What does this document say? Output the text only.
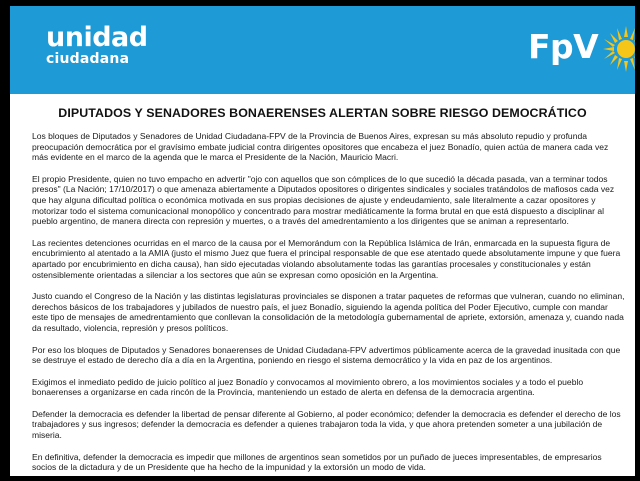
unidad
ciudadana	FpV
DIPUTADOS Y SENADORES BONAERENSES ALERTAN SOBRE RIESGO DEMOCRÁTICO

Los bloques de Diputados y Senadores de Unidad Ciudadana-FPV de la Provincia de Buenos Aires, expresan su más absoluto repudio y profunda preocupación democrática por el gravísimo embate judicial contra dirigentes opositores que encabeza el juez Bonadío, quien actúa de manera cada vez más evidente en el marco de la agenda que le marca el Presidente de la Nación, Mauricio Macri.

El propio Presidente, quien no tuvo empacho en advertir "ojo con aquellos que son cómplices de lo que sucedió la década pasada, van a terminar todos presos" (La Nación; 17/10/2017) o que amenaza abiertamente a Diputados opositores o dirigentes sindicales y sociales tratándolos de mafiosos cada vez que hay alguna dificultad política o económica motivada en sus propias decisiones de ajuste y endeudamiento, sale literalmente a cazar opositores y motorizar todo el sistema comunicacional monopólico y concentrado para mostrar mediáticamente la forma brutal en que está dispuesto a disciplinar al pueblo argentino, de manera directa con represión y muertes, o a través del amedrentamiento a los dirigentes que se animan a representarlo.

Las recientes detenciones ocurridas en el marco de la causa por el Memorándum con la República Islámica de Irán, enmarcada en la supuesta figura de encubrimiento al atentado a la AMIA (justo el mismo Juez que fuera el principal responsable de que ese atentado quede absolutamente impune y que fuera apartado por encubrimiento en dicha causa), han sido ejecutadas violando absolutamente todas las garantías procesales y constitucionales y están ostensiblemente orientadas a silenciar a los sectores que aún se expresan como oposición en la Argentina.

Justo cuando el Congreso de la Nación y las distintas legislaturas provinciales se disponen a tratar paquetes de reformas que vulneran, cuando no eliminan, derechos básicos de los trabajadores y jubilados de nuestro país, el juez Bonadío, siguiendo la agenda política del Poder Ejecutivo, cumple con mandar este tipo de mensajes de amedrentamiento que conllevan la consolidación de la metodología gubernamental de apriete, extorsión, amenaza y, cuando nada da resultado, violencia, represión y presos políticos.

Por eso los bloques de Diputados y Senadores bonaerenses de Unidad Ciudadana-FPV advertimos públicamente acerca de la gravedad inusitada con que se destruye el estado de derecho día a día en la Argentina, poniendo en riesgo el sistema democrático y la vida en paz de los argentinos.

Exigimos el inmediato pedido de juicio político al juez Bonadío y convocamos al movimiento obrero, a los movimientos sociales y a todo el pueblo bonaerenses a organizarse en cada rincón de la Provincia, manteniendo un estado de alerta en defensa de la democracia argentina.

Defender la democracia es defender la libertad de pensar diferente al Gobierno, al poder económico; defender la democracia es defender el derecho de los trabajadores y sus ingresos; defender la democracia es defender a quienes trabajaron toda la vida, y que ahora pretenden someter a una jubilación de miseria.

En definitiva, defender la democracia es impedir que millones de argentinos sean sometidos por un puñado de jueces impresentables, de empresarios socios de la dictadura y de un Presidente que ha hecho de la impunidad y la extorsión un modo de vida.
